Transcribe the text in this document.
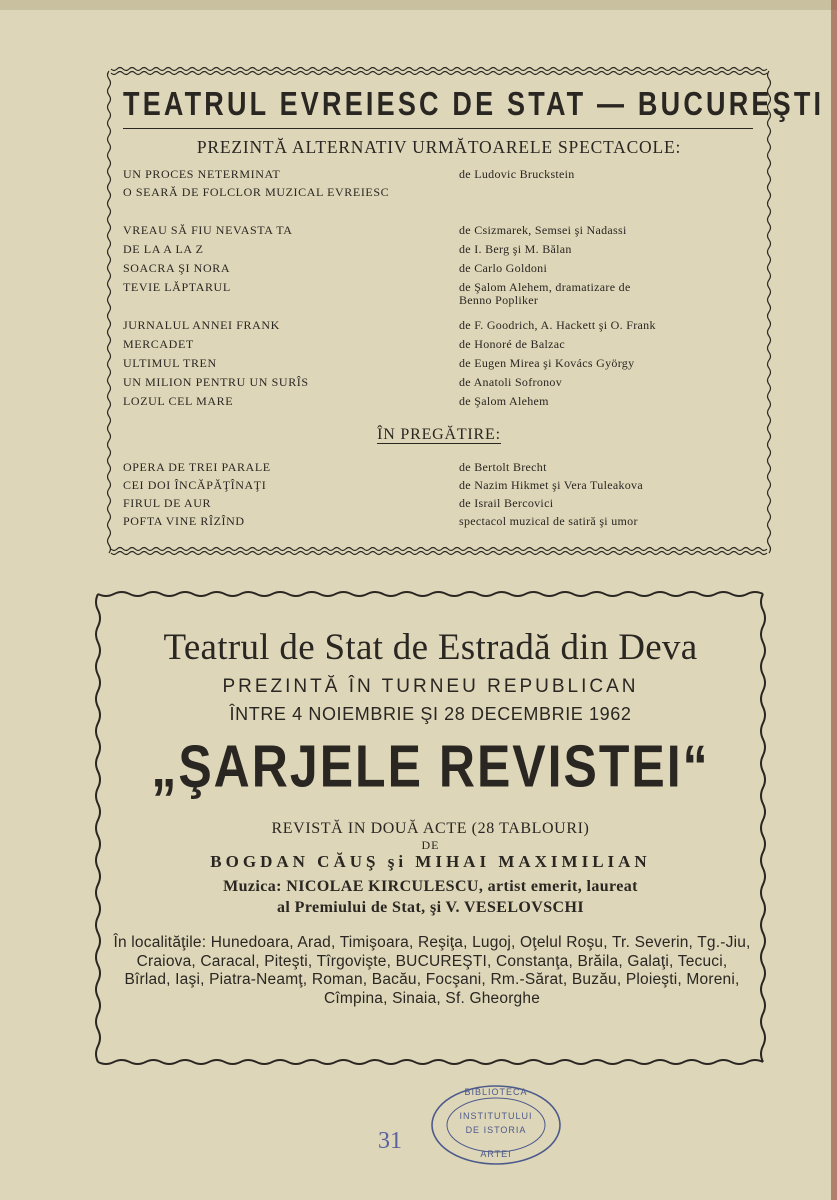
TEATRUL EVREIESC DE STAT — BUCUREŞTI
PREZINTĂ ALTERNATIV URMĂTOARELE SPECTACOLE:
UN PROCES NETERMINAT	de Ludovic Bruckstein
O SEARĂ DE FOLCLOR MUZICAL EVREIESC
VREAU SĂ FIU NEVASTA TA	de Csizmarek, Semsei şi Nadassi
DE LA A LA Z	de I. Berg şi M. Bălan
SOACRA ŞI NORA	de Carlo Goldoni
TEVIE LĂPTARUL	de Şalom Alehem, dramatizare de Benno Popliker
JURNALUL ANNEI FRANK	de F. Goodrich, A. Hackett şi O. Frank
MERCADET	de Honoré de Balzac
ULTIMUL TREN	de Eugen Mirea şi Kovács György
UN MILION PENTRU UN SURÎS	de Anatoli Sofronov
LOZUL CEL MARE	de Şalom Alehem
ÎN PREGĂTIRE:
OPERA DE TREI PARALE	de Bertolt Brecht
CEI DOI ÎNCĂPĂŢÎNAŢI	de Nazim Hikmet şi Vera Tuleakova
FIRUL DE AUR	de Israil Bercovici
POFTA VINE RÎZÎND	spectacol muzical de satiră şi umor
Teatrul de Stat de Estradă din Deva
PREZINTĂ ÎN TURNEU REPUBLICAN
ÎNTRE 4 NOIEMBRIE ŞI 28 DECEMBRIE 1962
„ŞARJELE REVISTEI“
REVISTĂ IN DOUĂ ACTE (28 TABLOURI)
DE
BOGDAN CĂUŞ şi MIHAI MAXIMILIAN
Muzica: NICOLAE KIRCULESCU, artist emerit, laureat
al Premiului de Stat, şi V. VESELOVSCHI
În localităţile: Hunedoara, Arad, Timişoara, Reşiţa, Lugoj, Oţelul Roşu, Tr. Severin, Tg.-Jiu, Craiova, Caracal, Piteşti, Tîrgovişte, BUCUREŞTI, Constanţa, Brăila, Galaţi, Tecuci, Bîrlad, Iaşi, Piatra-Neamţ, Roman, Bacău, Focşani, Rm.-Sărat, Buzău, Ploieşti, Moreni, Cîmpina, Sinaia, Sf. Gheorghe
BIBLIOTECA
INSTITUTULUI
DE ISTORIA
ARTEI
31
